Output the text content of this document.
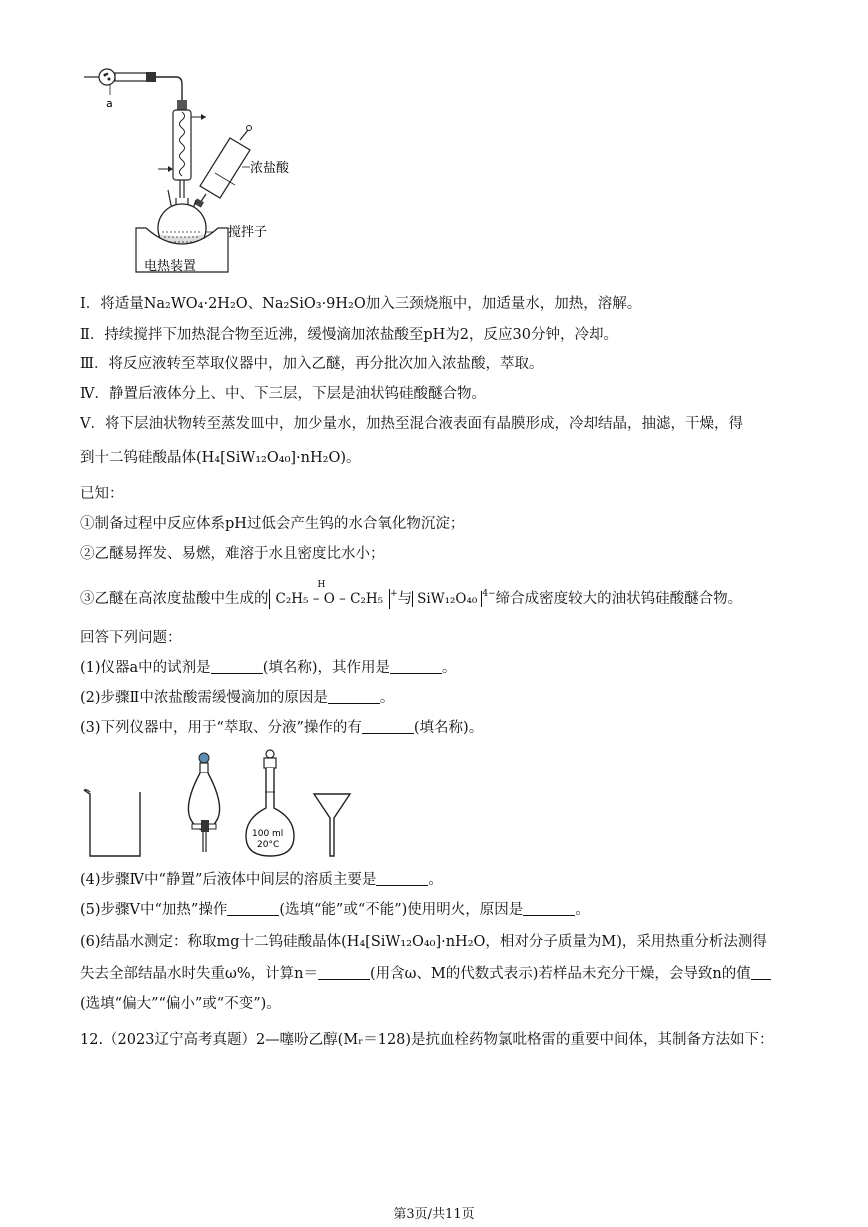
a
浓盐酸
搅拌子
电热装置
Ⅰ．将适量Na₂WO₄·2H₂O、Na₂SiO₃·9H₂O加入三颈烧瓶中，加适量水，加热，溶解。
Ⅱ．持续搅拌下加热混合物至近沸，缓慢滴加浓盐酸至pH为2，反应30分钟，冷却。
Ⅲ．将反应液转至萃取仪器中，加入乙醚，再分批次加入浓盐酸，萃取。
Ⅳ．静置后液体分上、中、下三层，下层是油状钨硅酸醚合物。
Ⅴ．将下层油状物转至蒸发皿中，加少量水，加热至混合液表面有晶膜形成，冷却结晶，抽滤，干燥，得
到十二钨硅酸晶体(H₄[SiW₁₂O₄₀]·nH₂O)。
已知：
①制备过程中反应体系pH过低会产生钨的水合氧化物沉淀；
②乙醚易挥发、易燃，难溶于水且密度比水小；
③乙醚在高浓度盐酸中生成的
H
C₂H₅ – O – C₂H₅ +与 SiW₁₂O₄₀ $^{4-}$缔合成密度较大的油状钨硅酸醚合物。
回答下列问题：
(1)仪器a中的试剂是	(填名称)，其作用是	。
(2)步骤Ⅱ中浓盐酸需缓慢滴加的原因是	。
(3)下列仪器中，用于“萃取、分液”操作的有	(填名称)。
100 ml
20°C
(4)步骤Ⅳ中“静置”后液体中间层的溶质主要是	。
(5)步骤Ⅴ中“加热”操作	(选填“能”或“不能”)使用明火，原因是	。
(6)结晶水测定：称取mg十二钨硅酸晶体(H₄[SiW₁₂O₄₀]·nH₂O，相对分子质量为M)，采用热重分析法测得
失去全部结晶水时失重ω%，计算n＝	(用含ω、M的代数式表示)若样品未充分干燥，会导致n的值
(选填“偏大”“偏小”或“不变”)。
12.（2023辽宁高考真题）2—噻吩乙醇(Mᵣ＝128)是抗血栓药物氯吡格雷的重要中间体，其制备方法如下：
第3页/共11页
